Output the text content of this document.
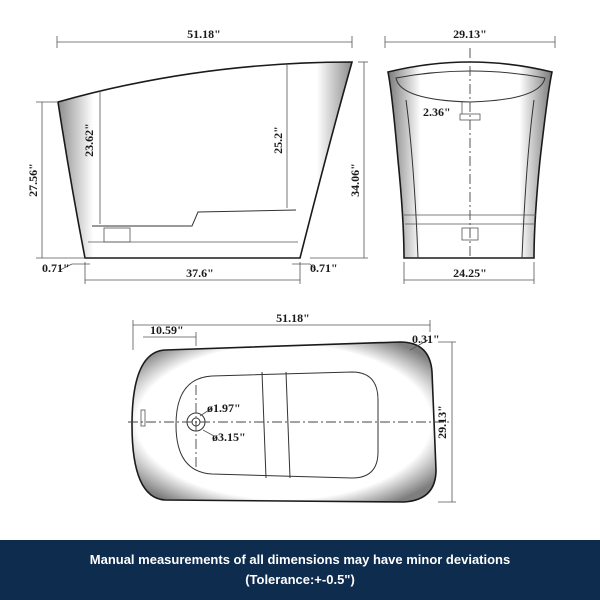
51.18"
23.62"	25.2"
27.56"	34.06"
37.6"
0.71"	0.71"
29.13"
2.36"
24.25"
51.18"
10.59"
0.31"
29.13"
ø1.97"
ø3.15"
Manual measurements of all dimensions may have minor deviations
(Tolerance:+-0.5")
